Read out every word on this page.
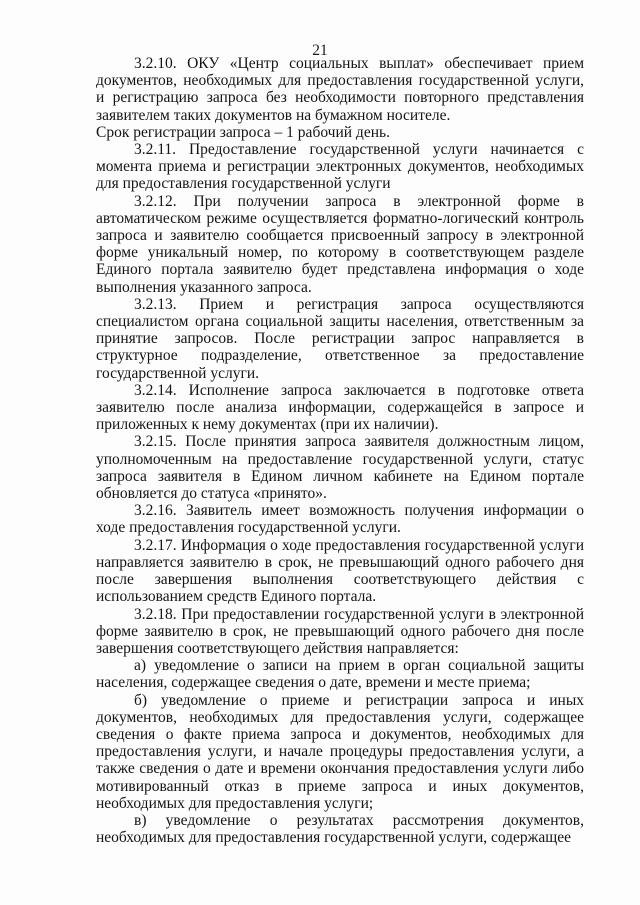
21

3.2.10. ОКУ «Центр социальных выплат» обеспечивает прием документов, необходимых для предоставления государственной услуги, и регистрацию запроса без необходимости повторного представления заявителем таких документов на бумажном носителе.

Срок регистрации запроса – 1 рабочий день.

3.2.11. Предоставление государственной услуги начинается с момента приема и регистрации электронных документов, необходимых для предоставления государственной услуги

3.2.12. При получении запроса в электронной форме в автоматическом режиме осуществляется форматно-логический контроль запроса и заявителю сообщается присвоенный запросу в электронной форме уникальный номер, по которому в соответствующем разделе Единого портала заявителю будет представлена информация о ходе выполнения указанного запроса.

3.2.13. Прием и регистрация запроса осуществляются специалистом органа социальной защиты населения, ответственным за принятие запросов. После регистрации запрос направляется в структурное подразделение, ответственное за предоставление государственной услуги.

3.2.14. Исполнение запроса заключается в подготовке ответа заявителю после анализа информации, содержащейся в запросе и приложенных к нему документах (при их наличии).

3.2.15. После принятия запроса заявителя должностным лицом, уполномоченным на предоставление государственной услуги, статус запроса заявителя в Едином личном кабинете на Едином портале обновляется до статуса «принято».

3.2.16. Заявитель имеет возможность получения информации о ходе предоставления государственной услуги.

3.2.17. Информация о ходе предоставления государственной услуги направляется заявителю в срок, не превышающий одного рабочего дня после завершения выполнения соответствующего действия с использованием средств Единого портала.

3.2.18. При предоставлении государственной услуги в электронной форме заявителю в срок, не превышающий одного рабочего дня после завершения соответствующего действия направляется:

а) уведомление о записи на прием в орган социальной защиты населения, содержащее сведения о дате, времени и месте приема;

б) уведомление о приеме и регистрации запроса и иных документов, необходимых для предоставления услуги, содержащее сведения о факте приема запроса и документов, необходимых для предоставления услуги, и начале процедуры предоставления услуги, а также сведения о дате и времени окончания предоставления услуги либо мотивированный отказ в приеме запроса и иных документов, необходимых для предоставления услуги;

в) уведомление о результатах рассмотрения документов, необходимых для предоставления государственной услуги, содержащее
